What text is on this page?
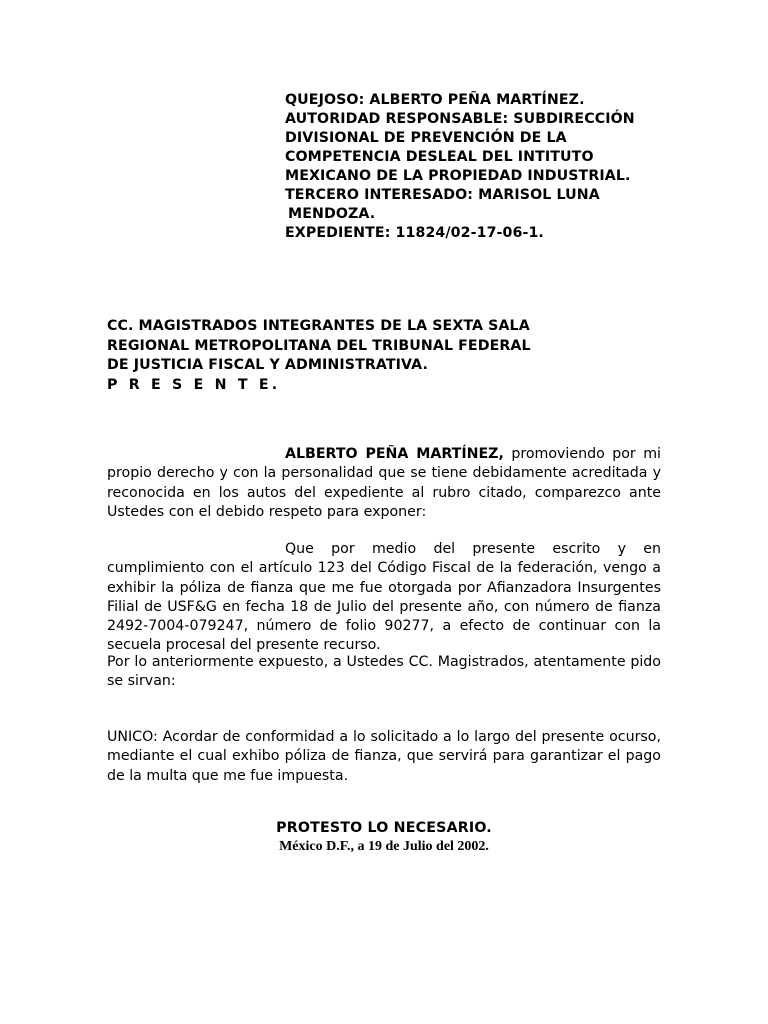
QUEJOSO: ALBERTO PEÑA MARTÍNEZ.
AUTORIDAD RESPONSABLE: SUBDIRECCIÓN
DIVISIONAL DE PREVENCIÓN DE LA
COMPETENCIA DESLEAL DEL INTITUTO
MEXICANO DE LA PROPIEDAD INDUSTRIAL.
TERCERO INTERESADO: MARISOL LUNA
MENDOZA.
EXPEDIENTE: 11824/02-17-06-1.
CC. MAGISTRADOS INTEGRANTES DE LA SEXTA SALA
REGIONAL METROPOLITANA DEL TRIBUNAL FEDERAL
DE JUSTICIA FISCAL Y ADMINISTRATIVA.
P R E S E N T E.
ALBERTO PEÑA MARTÍNEZ, promoviendo por mi propio derecho y con la personalidad que se tiene debidamente acreditada y reconocida en los autos del expediente al rubro citado, comparezco ante Ustedes con el debido respeto para exponer:
Que por medio del presente escrito y en cumplimiento con el artículo 123 del Código Fiscal de la federación, vengo a exhibir la póliza de fianza que me fue otorgada por Afianzadora Insurgentes Filial de USF&G en fecha 18 de Julio del presente año, con número de fianza 2492-7004-079247, número de folio 90277, a efecto de continuar con la secuela procesal del presente recurso.
Por lo anteriormente expuesto, a Ustedes CC. Magistrados, atentamente pido se sirvan:
UNICO: Acordar de conformidad a lo solicitado a lo largo del presente ocurso, mediante el cual exhibo póliza de fianza, que servirá para garantizar el pago de la multa que me fue impuesta.
PROTESTO LO NECESARIO.
México D.F., a 19 de Julio del 2002.
